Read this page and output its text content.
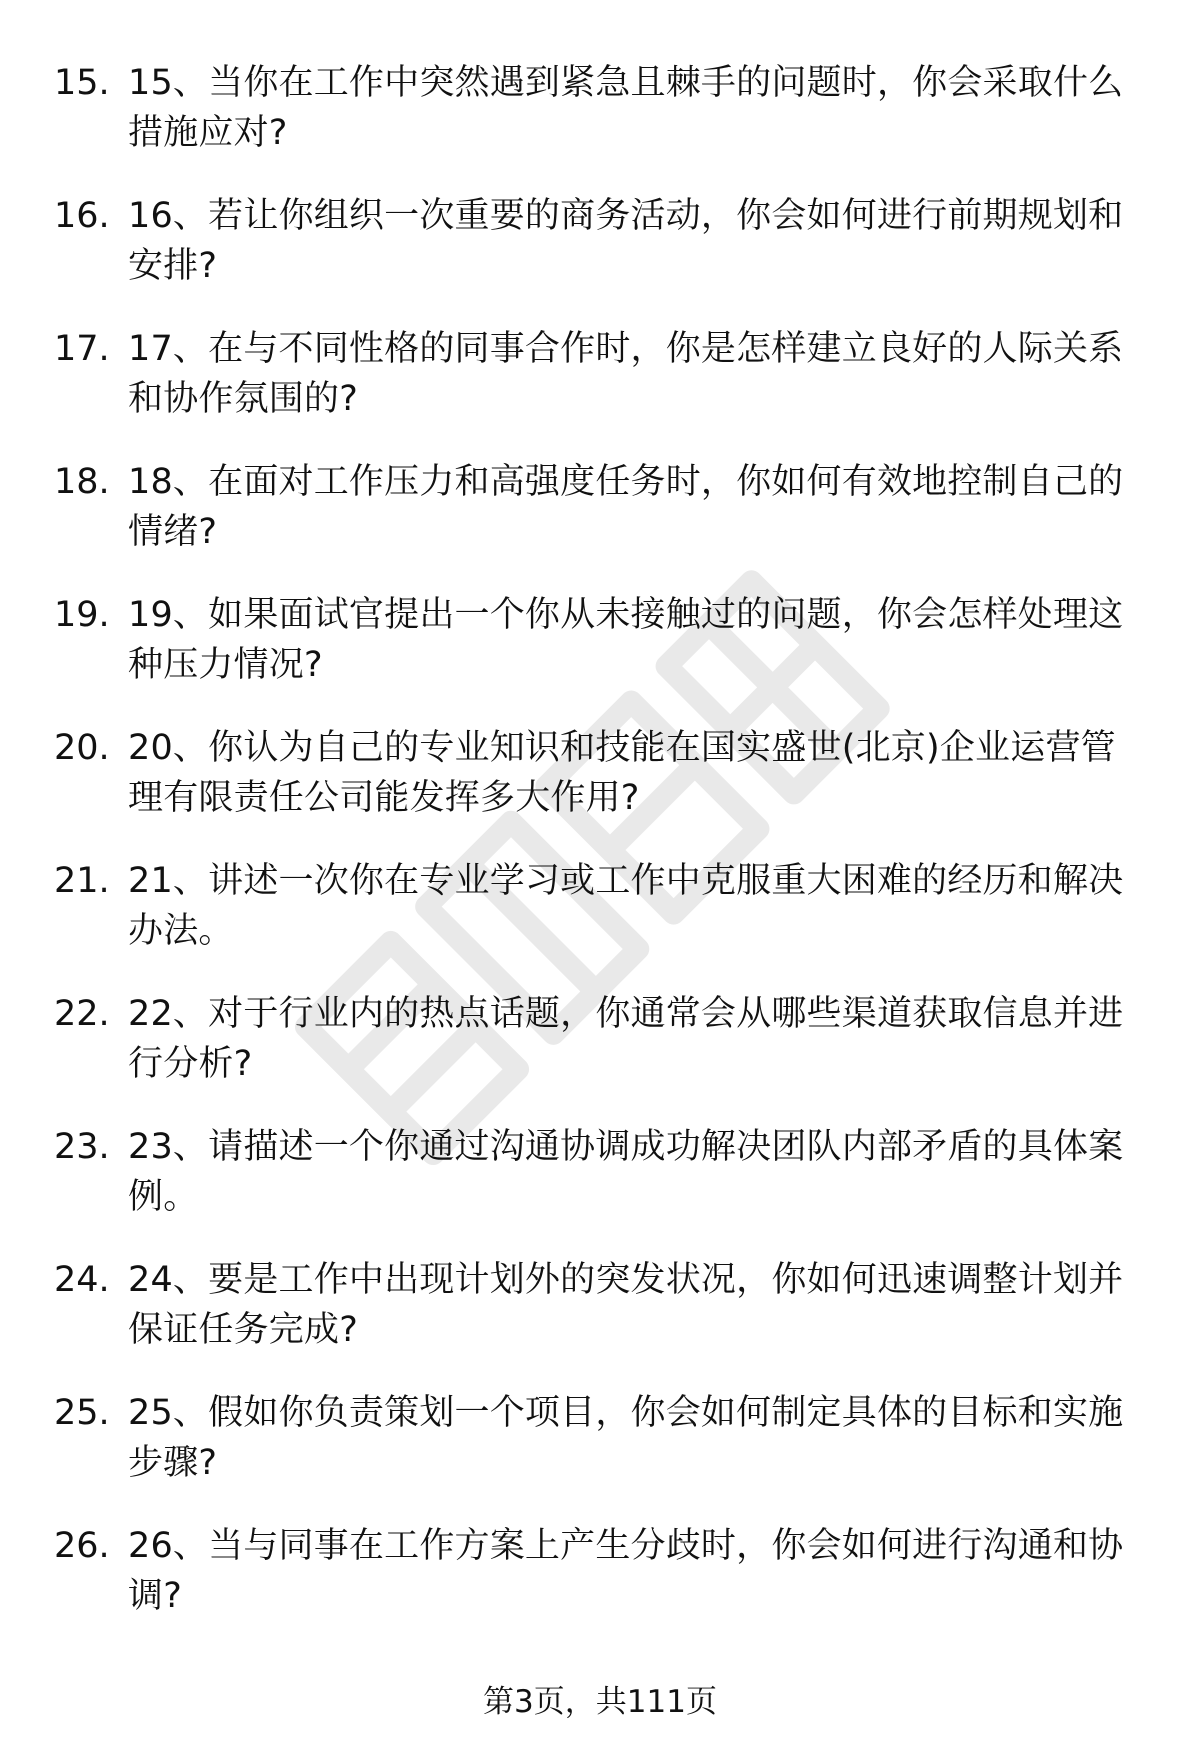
15. 15、当你在工作中突然遇到紧急且棘手的问题时，你会采取什么措施应对?
16. 16、若让你组织一次重要的商务活动，你会如何进行前期规划和安排?
17. 17、在与不同性格的同事合作时，你是怎样建立良好的人际关系和协作氛围的?
18. 18、在面对工作压力和高强度任务时，你如何有效地控制自己的情绪?
19. 19、如果面试官提出一个你从未接触过的问题，你会怎样处理这种压力情况?
20. 20、你认为自己的专业知识和技能在国实盛世(北京)企业运营管理有限责任公司能发挥多大作用?
21. 21、讲述一次你在专业学习或工作中克服重大困难的经历和解决办法。
22. 22、对于行业内的热点话题，你通常会从哪些渠道获取信息并进行分析?
23. 23、请描述一个你通过沟通协调成功解决团队内部矛盾的具体案例。
24. 24、要是工作中出现计划外的突发状况，你如何迅速调整计划并保证任务完成?
25. 25、假如你负责策划一个项目，你会如何制定具体的目标和实施步骤?
26. 26、当与同事在工作方案上产生分歧时，你会如何进行沟通和协调?
第3页，共111页
